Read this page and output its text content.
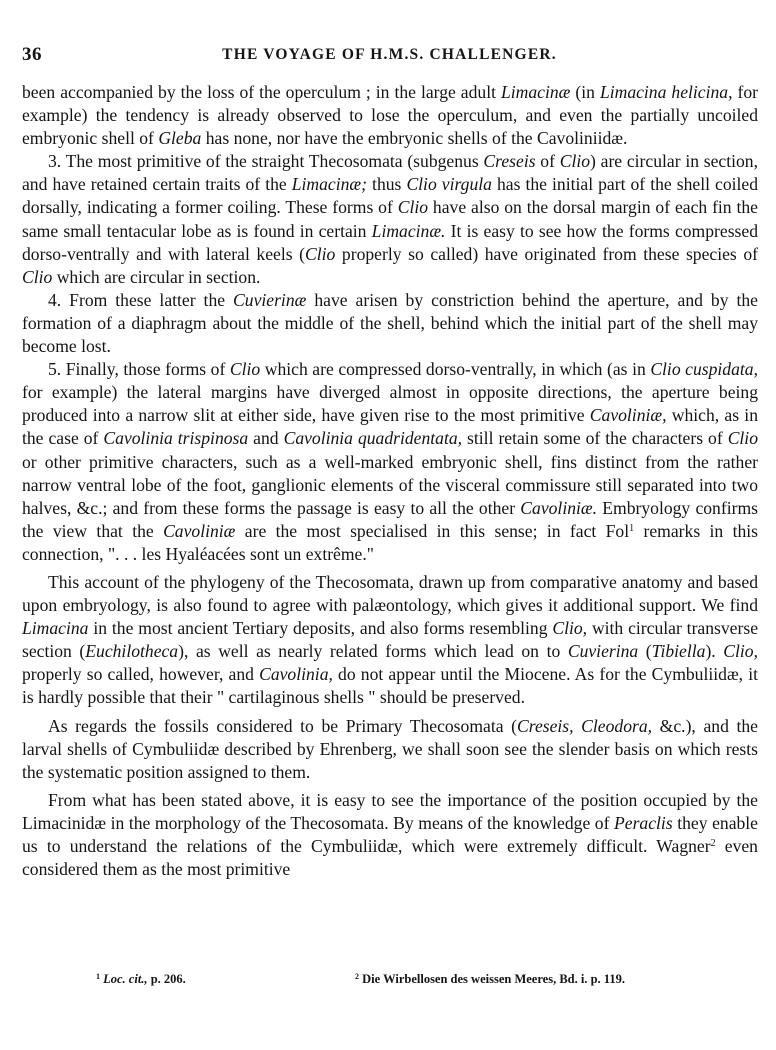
36	THE VOYAGE OF H.M.S. CHALLENGER.

been accompanied by the loss of the operculum ; in the large adult Limacinæ (in Limacina helicina, for example) the tendency is already observed to lose the operculum, and even the partially uncoiled embryonic shell of Gleba has none, nor have the embryonic shells of the Cavoliniidæ.

3. The most primitive of the straight Thecosomata (subgenus Creseis of Clio) are circular in section, and have retained certain traits of the Limacinæ; thus Clio virgula has the initial part of the shell coiled dorsally, indicating a former coiling. These forms of Clio have also on the dorsal margin of each fin the same small tentacular lobe as is found in certain Limacinæ. It is easy to see how the forms compressed dorso-ventrally and with lateral keels (Clio properly so called) have originated from these species of Clio which are circular in section.

4. From these latter the Cuvierinæ have arisen by constriction behind the aperture, and by the formation of a diaphragm about the middle of the shell, behind which the initial part of the shell may become lost.

5. Finally, those forms of Clio which are compressed dorso-ventrally, in which (as in Clio cuspidata, for example) the lateral margins have diverged almost in opposite directions, the aperture being produced into a narrow slit at either side, have given rise to the most primitive Cavoliniæ, which, as in the case of Cavolinia trispinosa and Cavolinia quadridentata, still retain some of the characters of Clio or other primitive characters, such as a well-marked embryonic shell, fins distinct from the rather narrow ventral lobe of the foot, ganglionic elements of the visceral commissure still separated into two halves, &c.; and from these forms the passage is easy to all the other Cavoliniæ. Embryology confirms the view that the Cavoliniæ are the most specialised in this sense; in fact Fol$^1$ remarks in this connection, ". . . les Hyaléacées sont un extrême."

This account of the phylogeny of the Thecosomata, drawn up from comparative anatomy and based upon embryology, is also found to agree with palæontology, which gives it additional support. We find Limacina in the most ancient Tertiary deposits, and also forms resembling Clio, with circular transverse section (Euchilotheca), as well as nearly related forms which lead on to Cuvierina (Tibiella). Clio, properly so called, however, and Cavolinia, do not appear until the Miocene. As for the Cymbuliidæ, it is hardly possible that their " cartilaginous shells " should be preserved.

As regards the fossils considered to be Primary Thecosomata (Creseis, Cleodora, &c.), and the larval shells of Cymbuliidæ described by Ehrenberg, we shall soon see the slender basis on which rests the systematic position assigned to them.

From what has been stated above, it is easy to see the importance of the position occupied by the Limacinidæ in the morphology of the Thecosomata. By means of the knowledge of Peraclis they enable us to understand the relations of the Cymbuliidæ, which were extremely difficult. Wagner$^2$ even considered them as the most primitive

$^1$ Loc. cit., p. 206.	$^2$ Die Wirbellosen des weissen Meeres, Bd. i. p. 119.
